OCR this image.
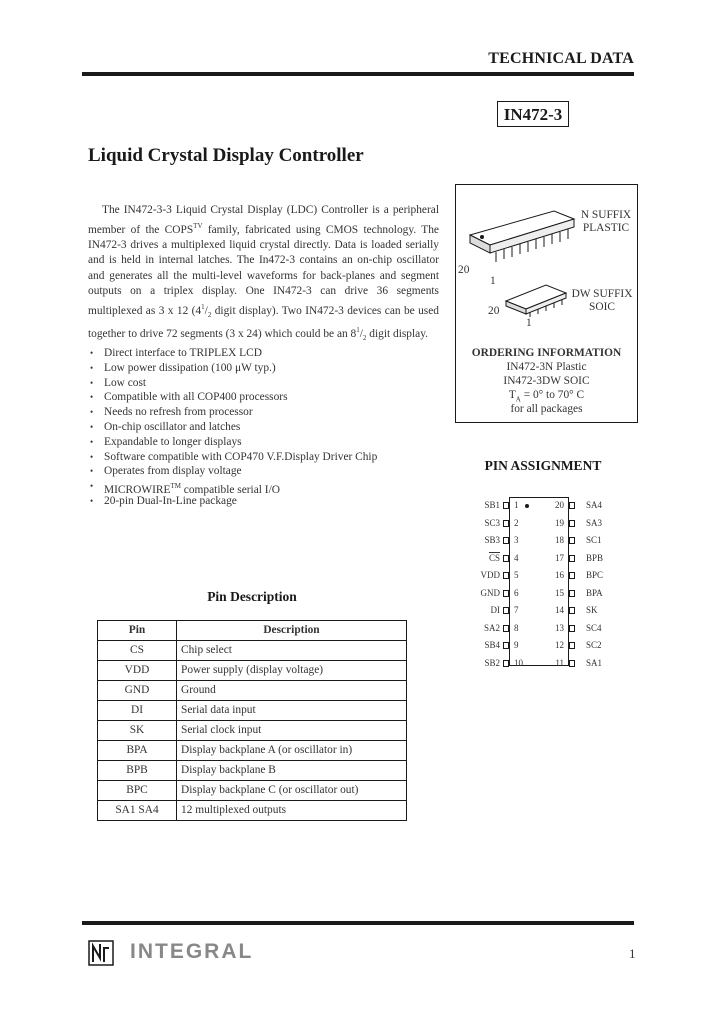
TECHNICAL DATA
IN472-3
Liquid Crystal Display Controller

The IN472-3-3 Liquid Crystal Display (LDC) Controller is a peripheral member of the $COPS^{TV}$ family, fabricated using CMOS technology. The IN472-3 drives a multiplexed liquid crystal directly. Data is loaded serially and is held in internal latches. The In472-3 contains an on-chip oscillator and generates all the multi-level waveforms for back-planes and segment outputs on a triplex display. One IN472-3 can drive 36 segments multiplexed as 3 x 12 ($4^1/_2$ digit display). Two IN472-3 devices can be used together to drive 72 segments (3 x 24) which could be an $8^1/_2$ digit display.

• Direct interface to TRIPLEX LCD
• Low power dissipation (100 μW typ.)
• Low cost
• Compatible with all COP400 processors
• Needs no refresh from processor
• On-chip oscillator and latches
• Expandable to longer displays
• Software compatible with COP470 V.F.Display Driver Chip
• Operates from display voltage
• MICROWIRE™ compatible serial I/O
• 20-pin Dual-In-Line package
N SUFFIX
PLASTIC
20
1
DW SUFFIX
SOIC
20
1
ORDERING INFORMATION
IN472-3N Plastic
IN472-3DW SOIC
$T_A = 0^\circ$ to 70° C
for all packages
PIN ASSIGNMENT
SB1 1	20 SA4
SC3 2	19 SA3
SB3 3	18 SC1
$\overline{CS}$ 4	17 BPB
VDD 5	16 BPC
GND 6	15 BPA
DI 7	14 SK
SA2 8	13 SC4
SB4 9	12 SC2
SB2 10	11 SA1
Pin Description
Pin	Description
CS	Chip select
VDD	Power supply (display voltage)
GND	Ground
DI	Serial data input
SK	Serial clock input
BPA	Display backplane A (or oscillator in)
BPB	Display backplane B
BPC	Display backplane C (or oscillator out)
SA1 SA4	12 multiplexed outputs
INTEGRAL	1
